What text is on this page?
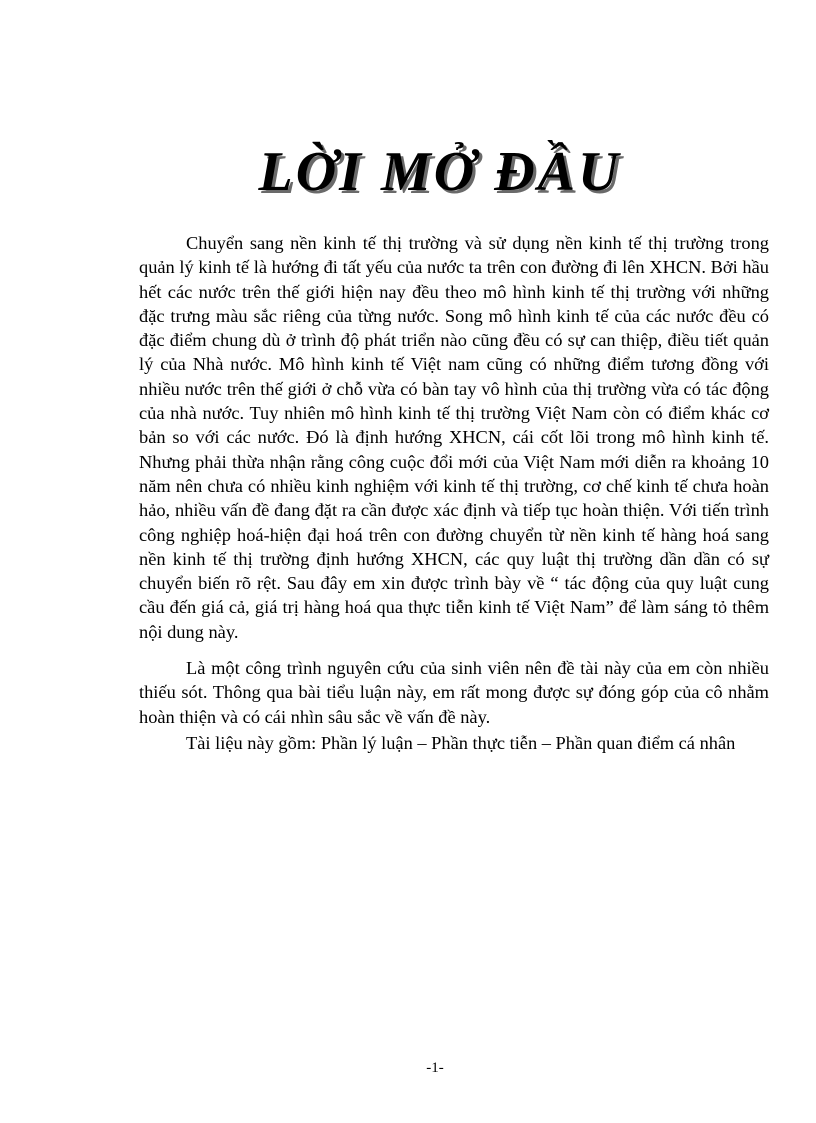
LỜI MỞ ĐẦU

Chuyển sang nền kinh tế thị trường và sử dụng nền kinh tế thị trường trong quản lý kinh tế là hướng đi tất yếu của nước ta trên con đường đi lên XHCN. Bởi hầu hết các nước trên thế giới hiện nay đều theo mô hình kinh tế thị trường với những đặc trưng màu sắc riêng của từng nước. Song mô hình kinh tế của các nước đều có đặc điểm chung dù ở trình độ phát triển nào cũng đều có sự can thiệp, điều tiết quản lý của Nhà nước. Mô hình kinh tế Việt nam cũng có những điểm tương đồng với nhiều nước trên thế giới ở chỗ vừa có bàn tay vô hình của thị trường vừa có tác động của nhà nước. Tuy nhiên mô hình kinh tế thị trường Việt Nam còn có điểm khác cơ bản so với các nước. Đó là định hướng XHCN, cái cốt lõi trong mô hình kinh tế. Nhưng phải thừa nhận rằng công cuộc đổi mới của Việt Nam mới diễn ra khoảng 10 năm nên chưa có nhiều kinh nghiệm với kinh tế thị trường, cơ chế kinh tế chưa hoàn hảo, nhiều vấn đề đang đặt ra cần được xác định và tiếp tục hoàn thiện. Với tiến trình công nghiệp hoá-hiện đại hoá trên con đường chuyển từ nền kinh tế hàng hoá sang nền kinh tế thị trường định hướng XHCN, các quy luật thị trường dần dần có sự chuyển biến rõ rệt. Sau đây em xin được trình bày về “ tác động của quy luật cung cầu đến giá cả, giá trị hàng hoá qua thực tiễn kinh tế Việt Nam” để làm sáng tỏ thêm nội dung này.

Là một công trình nguyên cứu của sinh viên nên đề tài này của em còn nhiều thiếu sót. Thông qua bài tiểu luận này, em rất mong được sự đóng góp của cô nhằm hoàn thiện và có cái nhìn sâu sắc về vấn đề này.

Tài liệu này gồm: Phần lý luận – Phần thực tiễn – Phần quan điểm cá nhân

-1-
